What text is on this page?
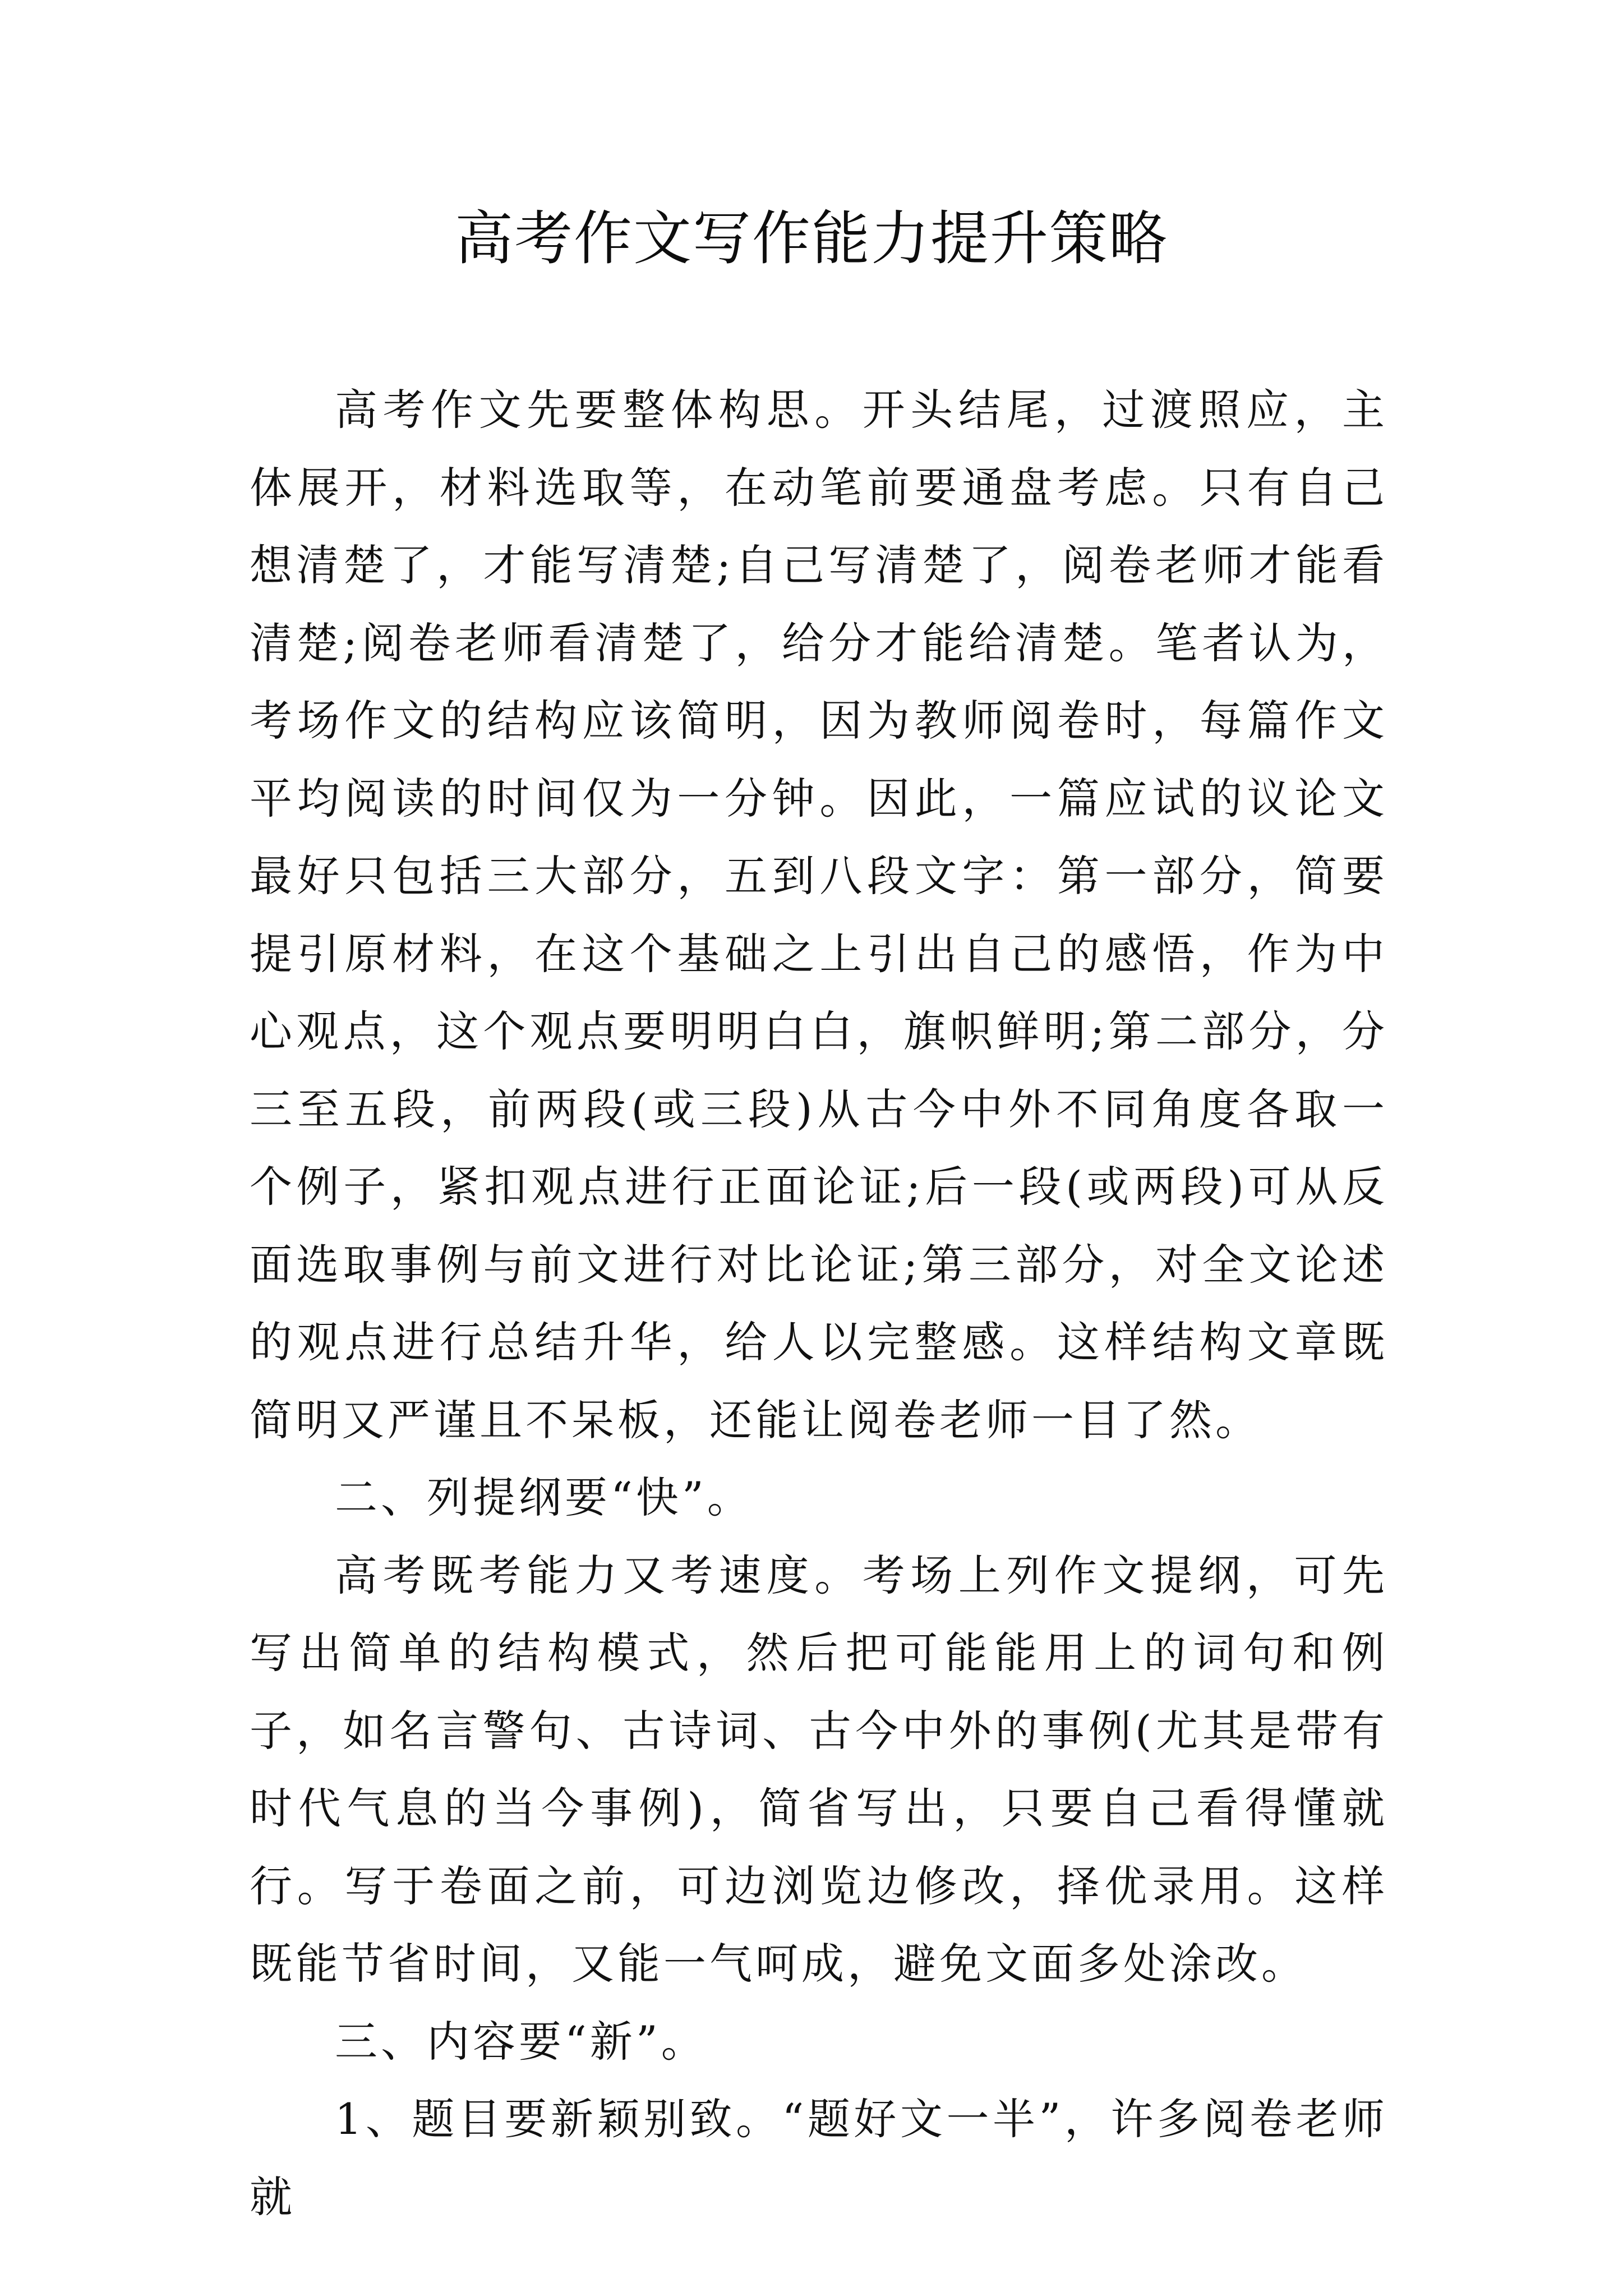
高考作文写作能力提升策略

高考作文先要整体构思。开头结尾，过渡照应，主体展开，材料选取等，在动笔前要通盘考虑。只有自己想清楚了，才能写清楚;自己写清楚了，阅卷老师才能看清楚;阅卷老师看清楚了，给分才能给清楚。笔者认为，考场作文的结构应该简明，因为教师阅卷时，每篇作文平均阅读的时间仅为一分钟。因此，一篇应试的议论文最好只包括三大部分，五到八段文字：第一部分，简要提引原材料，在这个基础之上引出自己的感悟，作为中心观点，这个观点要明明白白，旗帜鲜明;第二部分，分三至五段，前两段(或三段)从古今中外不同角度各取一个例子，紧扣观点进行正面论证;后一段(或两段)可从反面选取事例与前文进行对比论证;第三部分，对全文论述的观点进行总结升华，给人以完整感。这样结构文章既简明又严谨且不呆板，还能让阅卷老师一目了然。

二、列提纲要“快”。

高考既考能力又考速度。考场上列作文提纲，可先写出简单的结构模式，然后把可能能用上的词句和例子，如名言警句、古诗词、古今中外的事例(尤其是带有时代气息的当今事例)，简省写出，只要自己看得懂就行。写于卷面之前，可边浏览边修改，择优录用。这样既能节省时间，又能一气呵成，避免文面多处涂改。

三、内容要“新”。

1、题目要新颖别致。“题好文一半”，许多阅卷老师就
